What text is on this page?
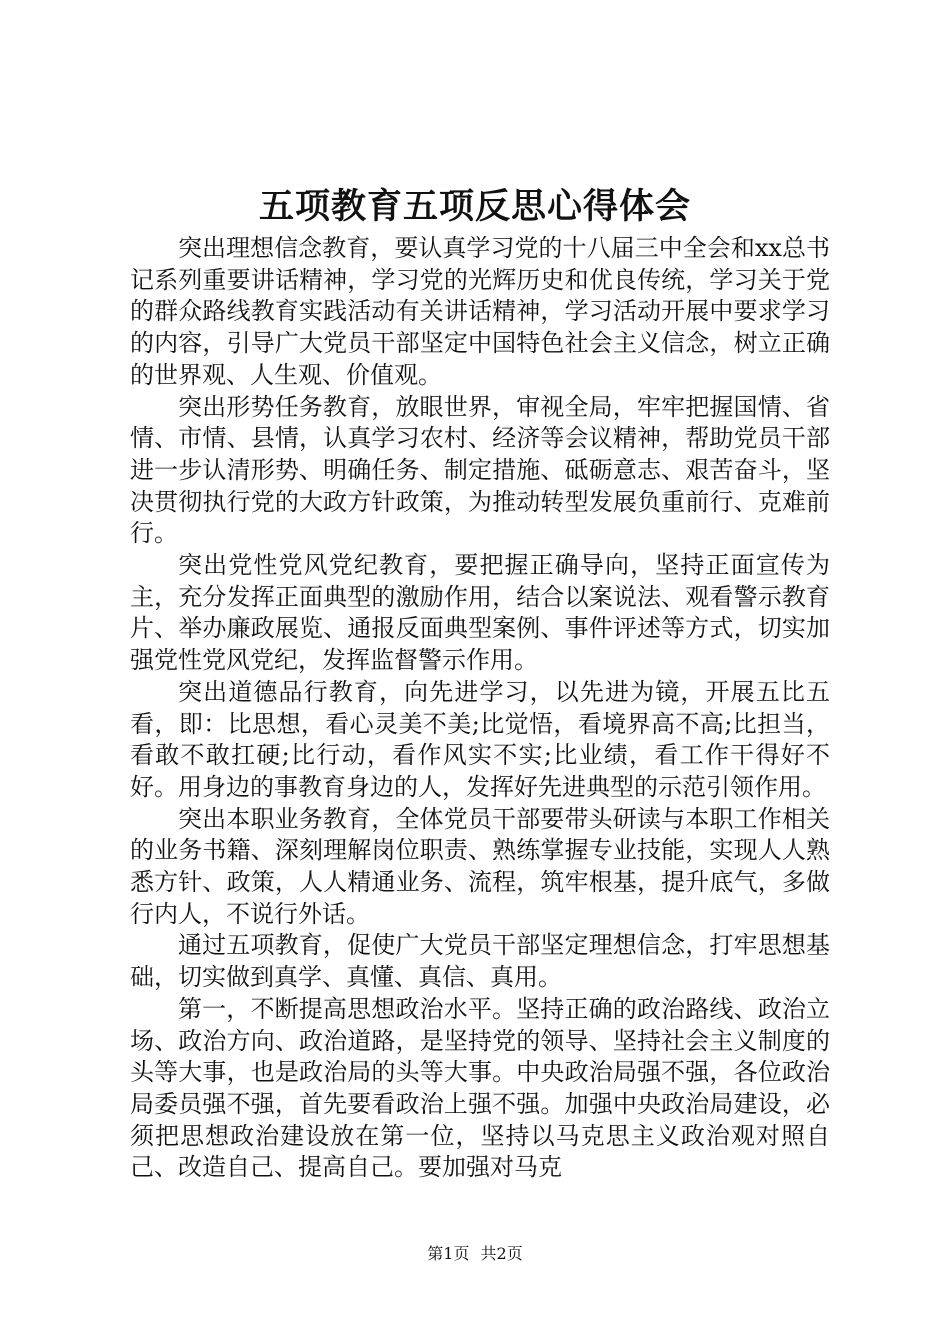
五项教育五项反思心得体会

突出理想信念教育，要认真学习党的十八届三中全会和xx总书记系列重要讲话精神，学习党的光辉历史和优良传统，学习关于党的群众路线教育实践活动有关讲话精神，学习活动开展中要求学习的内容，引导广大党员干部坚定中国特色社会主义信念，树立正确的世界观、人生观、价值观。

突出形势任务教育，放眼世界，审视全局，牢牢把握国情、省情、市情、县情，认真学习农村、经济等会议精神，帮助党员干部进一步认清形势、明确任务、制定措施、砥砺意志、艰苦奋斗，坚决贯彻执行党的大政方针政策，为推动转型发展负重前行、克难前行。

突出党性党风党纪教育，要把握正确导向，坚持正面宣传为主，充分发挥正面典型的激励作用，结合以案说法、观看警示教育片、举办廉政展览、通报反面典型案例、事件评述等方式，切实加强党性党风党纪，发挥监督警示作用。

突出道德品行教育，向先进学习，以先进为镜，开展五比五看，即：比思想，看心灵美不美;比觉悟，看境界高不高;比担当，看敢不敢扛硬;比行动，看作风实不实;比业绩，看工作干得好不好。用身边的事教育身边的人，发挥好先进典型的示范引领作用。

突出本职业务教育，全体党员干部要带头研读与本职工作相关的业务书籍、深刻理解岗位职责、熟练掌握专业技能，实现人人熟悉方针、政策，人人精通业务、流程，筑牢根基，提升底气，多做行内人，不说行外话。

通过五项教育，促使广大党员干部坚定理想信念，打牢思想基础，切实做到真学、真懂、真信、真用。

第一，不断提高思想政治水平。坚持正确的政治路线、政治立场、政治方向、政治道路，是坚持党的领导、坚持社会主义制度的头等大事，也是政治局的头等大事。中央政治局强不强，各位政治局委员强不强，首先要看政治上强不强。加强中央政治局建设，必须把思想政治建设放在第一位，坚持以马克思主义政治观对照自己、改造自己、提高自己。要加强对马克

第1页 共2页
